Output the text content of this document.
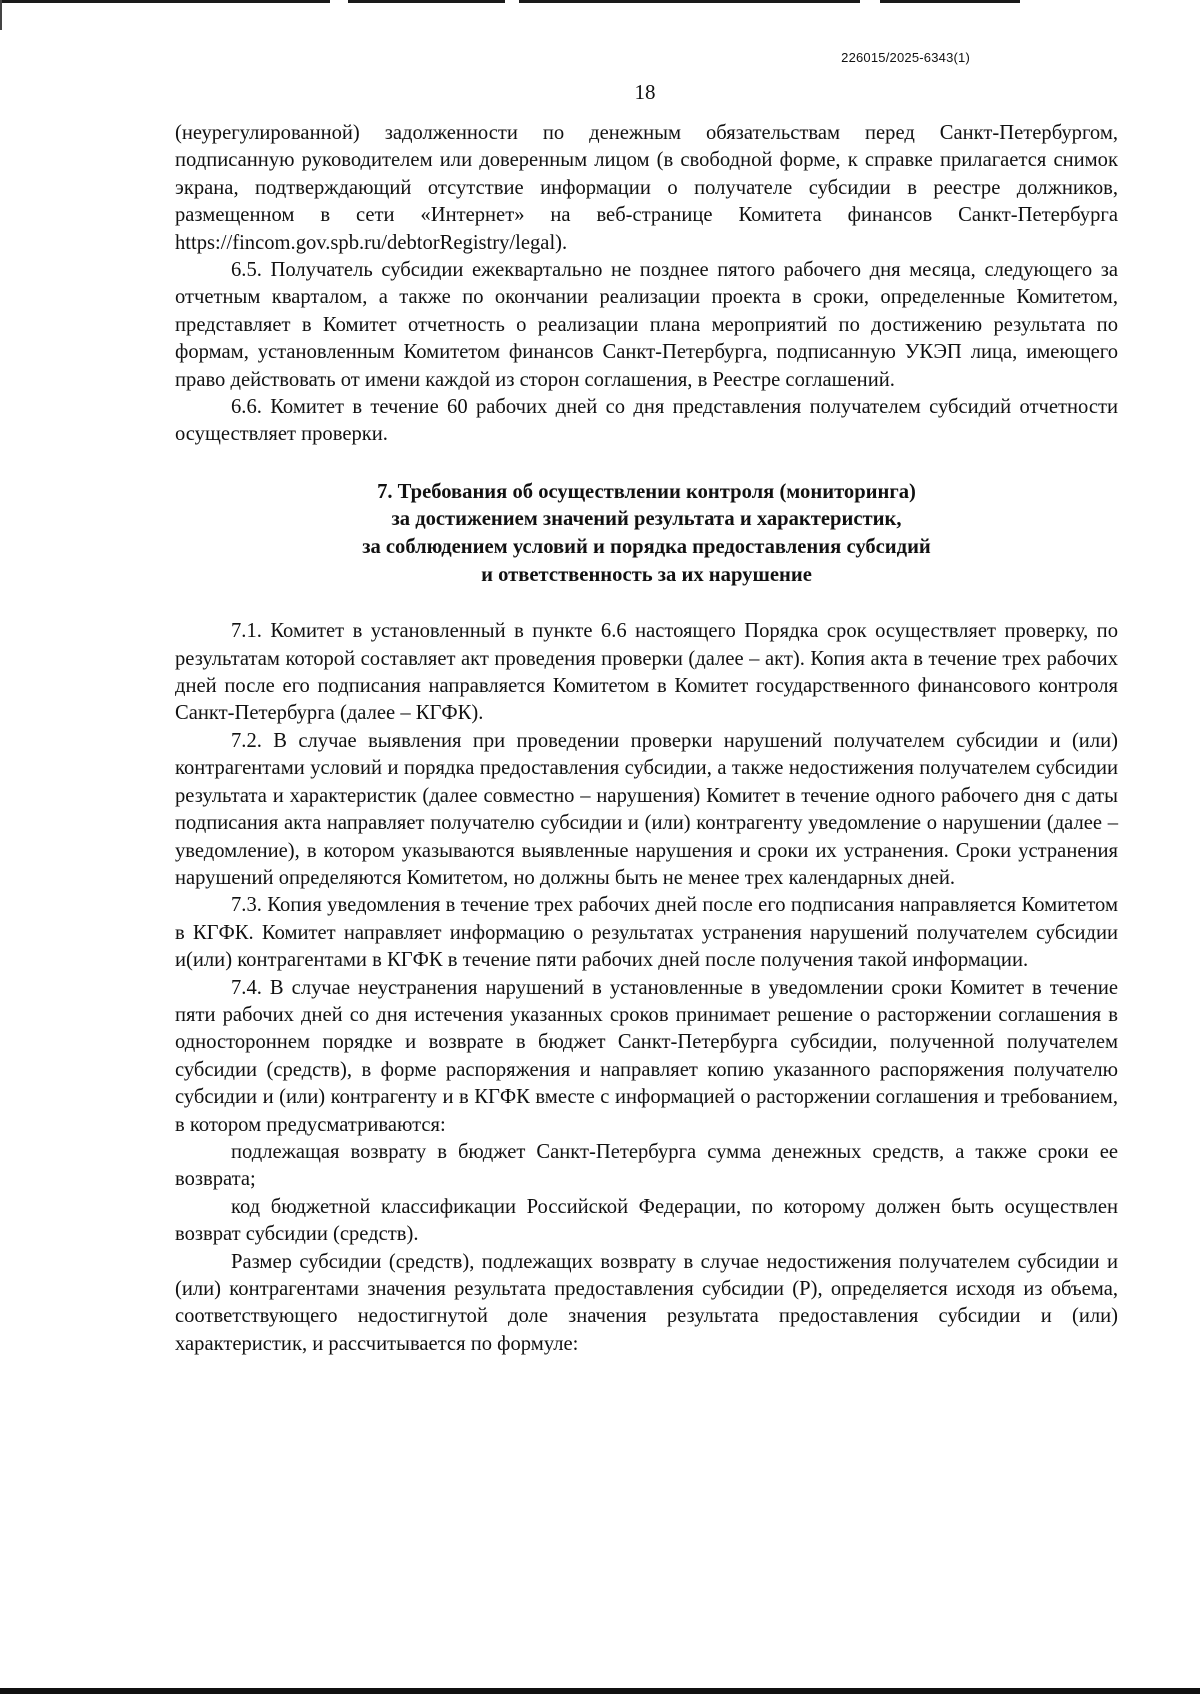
226015/2025-6343(1)
18

(неурегулированной) задолженности по денежным обязательствам перед Санкт-Петербургом, подписанную руководителем или доверенным лицом (в свободной форме, к справке прилагается снимок экрана, подтверждающий отсутствие информации о получателе субсидии в реестре должников, размещенном в сети «Интернет» на веб-странице Комитета финансов Санкт-Петербурга https://fincom.gov.spb.ru/debtorRegistry/legal).

6.5. Получатель субсидии ежеквартально не позднее пятого рабочего дня месяца, следующего за отчетным кварталом, а также по окончании реализации проекта в сроки, определенные Комитетом, представляет в Комитет отчетность о реализации плана мероприятий по достижению результата по формам, установленным Комитетом финансов Санкт-Петербурга, подписанную УКЭП лица, имеющего право действовать от имени каждой из сторон соглашения, в Реестре соглашений.

6.6. Комитет в течение 60 рабочих дней со дня представления получателем субсидий отчетности осуществляет проверки.

7. Требования об осуществлении контроля (мониторинга)
за достижением значений результата и характеристик,
за соблюдением условий и порядка предоставления субсидий
и ответственность за их нарушение

7.1. Комитет в установленный в пункте 6.6 настоящего Порядка срок осуществляет проверку, по результатам которой составляет акт проведения проверки (далее – акт). Копия акта в течение трех рабочих дней после его подписания направляется Комитетом в Комитет государственного финансового контроля Санкт-Петербурга (далее – КГФК).

7.2. В случае выявления при проведении проверки нарушений получателем субсидии и (или) контрагентами условий и порядка предоставления субсидии, а также недостижения получателем субсидии результата и характеристик (далее совместно – нарушения) Комитет в течение одного рабочего дня с даты подписания акта направляет получателю субсидии и (или) контрагенту уведомление о нарушении (далее – уведомление), в котором указываются выявленные нарушения и сроки их устранения. Сроки устранения нарушений определяются Комитетом, но должны быть не менее трех календарных дней.

7.3. Копия уведомления в течение трех рабочих дней после его подписания направляется Комитетом в КГФК. Комитет направляет информацию о результатах устранения нарушений получателем субсидии и(или) контрагентами в КГФК в течение пяти рабочих дней после получения такой информации.

7.4. В случае неустранения нарушений в установленные в уведомлении сроки Комитет в течение пяти рабочих дней со дня истечения указанных сроков принимает решение о расторжении соглашения в одностороннем порядке и возврате в бюджет Санкт-Петербурга субсидии, полученной получателем субсидии (средств), в форме распоряжения и направляет копию указанного распоряжения получателю субсидии и (или) контрагенту и в КГФК вместе с информацией о расторжении соглашения и требованием, в котором предусматриваются:

подлежащая возврату в бюджет Санкт-Петербурга сумма денежных средств, а также сроки ее возврата;

код бюджетной классификации Российской Федерации, по которому должен быть осуществлен возврат субсидии (средств).

Размер субсидии (средств), подлежащих возврату в случае недостижения получателем субсидии и (или) контрагентами значения результата предоставления субсидии (Р), определяется исходя из объема, соответствующего недостигнутой доле значения результата предоставления субсидии и (или) характеристик, и рассчитывается по формуле:
